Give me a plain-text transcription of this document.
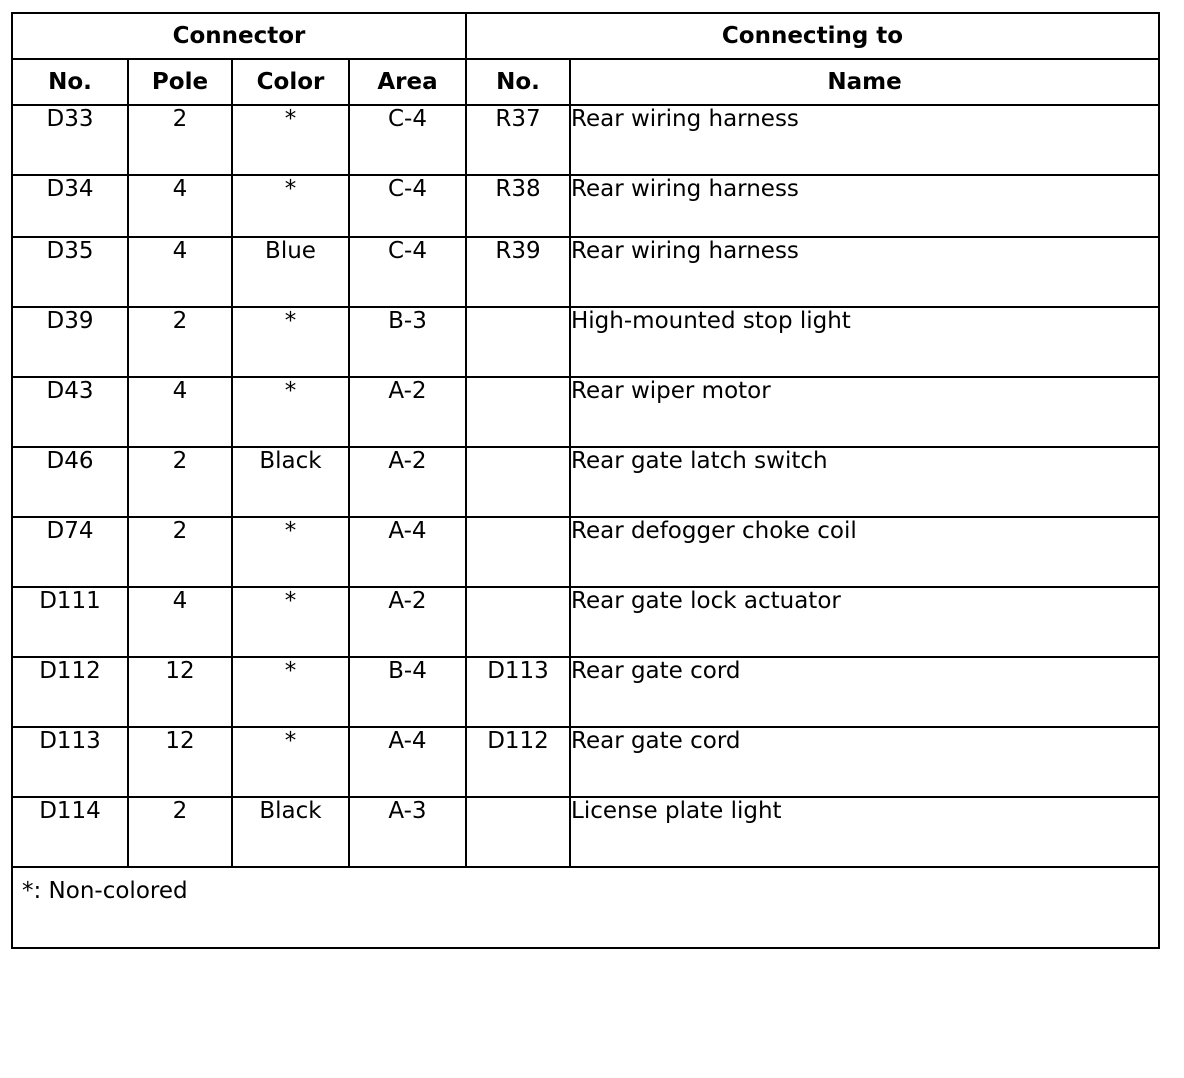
Connector				Connecting to	
No.	Pole	Color	Area	No.	Name
D33	2	*	C-4	R37	Rear wiring harness
D34	4	*	C-4	R38	Rear wiring harness
D35	4	Blue	C-4	R39	Rear wiring harness
D39	2	*	B-3		High-mounted stop light
D43	4	*	A-2		Rear wiper motor
D46	2	Black	A-2		Rear gate latch switch
D74	2	*	A-4		Rear defogger choke coil
D111	4	*	A-2		Rear gate lock actuator
D112	12	*	B-4	D113	Rear gate cord
D113	12	*	A-4	D112	Rear gate cord
D114	2	Black	A-3		License plate light
*: Non-colored					
